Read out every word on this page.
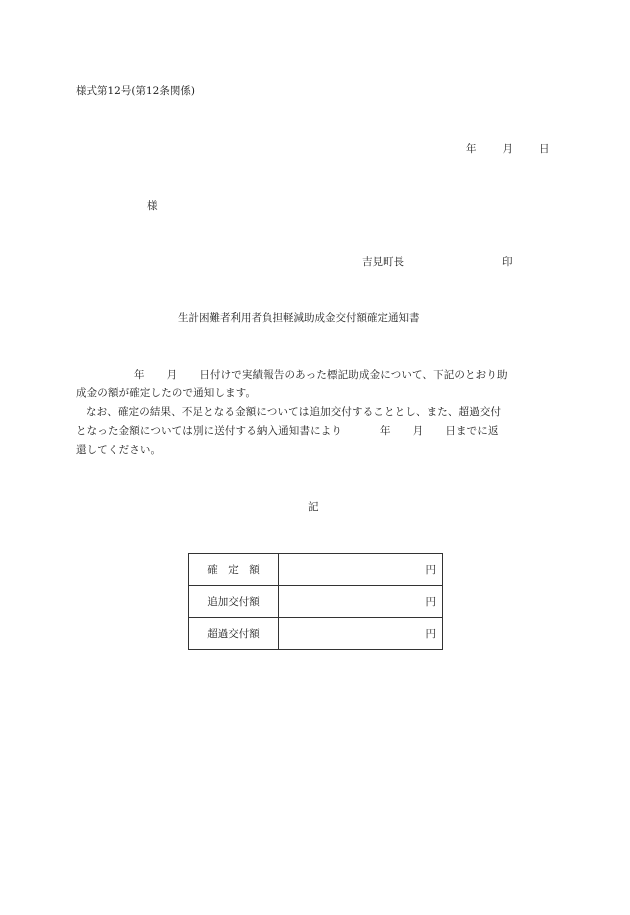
様式第12号(第12条関係)
年 月 日
様
吉見町長	印
生計困難者利用者負担軽減助成金交付額確定通知書
年 月 日付けで実績報告のあった標記助成金について、下記のとおり助
成金の額が確定したので通知します。
なお、確定の結果、不足となる金額については追加交付することとし、また、超過交付
となった金額については別に送付する納入通知書により	年 月 日までに返
還してください。
記
確　定　額	円
追加交付額	円
超過交付額	円
